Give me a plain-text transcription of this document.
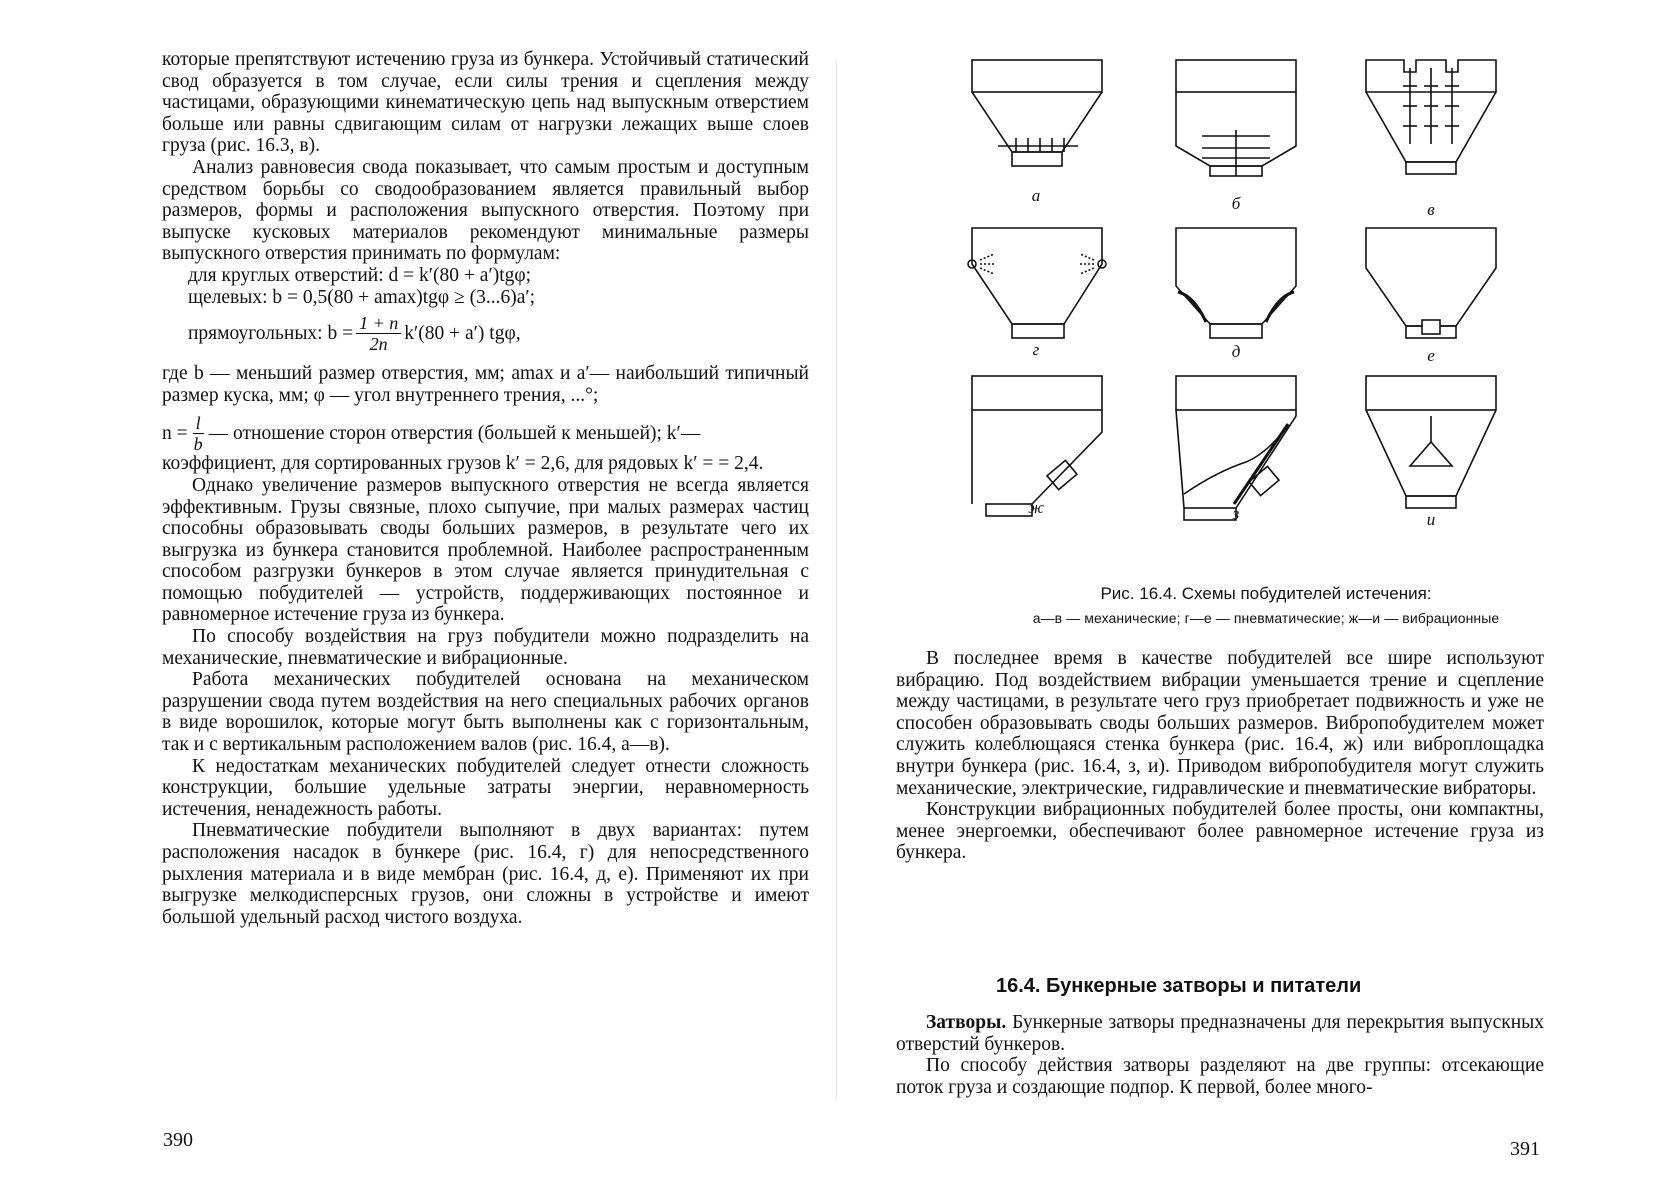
которые препятствуют истечению груза из бункера. Устойчивый статический свод образуется в том случае, если силы трения и сцепления между частицами, образующими кинематическую цепь над выпускным отверстием больше или равны сдвигающим силам от нагрузки лежащих выше слоев груза (рис. 16.3, в).

Анализ равновесия свода показывает, что самым простым и доступным средством борьбы со сводообразованием является правильный выбор размеров, формы и расположения выпускного отверстия. Поэтому при выпуске кусковых материалов рекомендуют минимальные размеры выпускного отверстия принимать по формулам:

для круглых отверстий: d = k′(80 + a′)tgφ;

щелевых: b = 0,5(80 + amax)tgφ ≥ (3...6)a′;

прямоугольных: $b = \frac{1 + n}{2n} k'(80 + a')$ tgφ,

где b — меньший размер отверстия, мм; amax и a′— наибольший типичный размер куска, мм; φ — угол внутреннего трения, ...°;

$n = \frac{l}{b}$ — отношение сторон отверстия (большей к меньшей); k′—

коэффициент, для сортированных грузов k′ = 2,6, для рядовых k′ = = 2,4.

Однако увеличение размеров выпускного отверстия не всегда является эффективным. Грузы связные, плохо сыпучие, при малых размерах частиц способны образовывать своды больших размеров, в результате чего их выгрузка из бункера становится проблемной. Наиболее распространенным способом разгрузки бункеров в этом случае является принудительная с помощью побудителей — устройств, поддерживающих постоянное и равномерное истечение груза из бункера.

По способу воздействия на груз побудители можно подразделить на механические, пневматические и вибрационные.

Работа механических побудителей основана на механическом разрушении свода путем воздействия на него специальных рабочих органов в виде ворошилок, которые могут быть выполнены как с горизонтальным, так и с вертикальным расположением валов (рис. 16.4, а—в).

К недостаткам механических побудителей следует отнести сложность конструкции, большие удельные затраты энергии, неравномерность истечения, ненадежность работы.

Пневматические побудители выполняют в двух вариантах: путем расположения насадок в бункере (рис. 16.4, г) для непосредственного рыхления материала и в виде мембран (рис. 16.4, д, е). Применяют их при выгрузке мелкодисперсных грузов, они сложны в устройстве и имеют большой удельный расход чистого воздуха.

390
а	б	в
г	д	е
ж	з	и
Рис. 16.4. Схемы побудителей истечения:
а—в — механические; г—е — пневматические; ж—и — вибрационные

В последнее время в качестве побудителей все шире используют вибрацию. Под воздействием вибрации уменьшается трение и сцепление между частицами, в результате чего груз приобретает подвижность и уже не способен образовывать своды больших размеров. Вибропобудителем может служить колеблющаяся стенка бункера (рис. 16.4, ж) или виброплощадка внутри бункера (рис. 16.4, з, и). Приводом вибропобудителя могут служить механические, электрические, гидравлические и пневматические вибраторы.

Конструкции вибрационных побудителей более просты, они компактны, менее энергоемки, обеспечивают более равномерное истечение груза из бункера.

16.4. Бункерные затворы и питатели

Затворы. Бункерные затворы предназначены для перекрытия выпускных отверстий бункеров.

По способу действия затворы разделяют на две группы: отсекающие поток груза и создающие подпор. К первой, более много-

391
